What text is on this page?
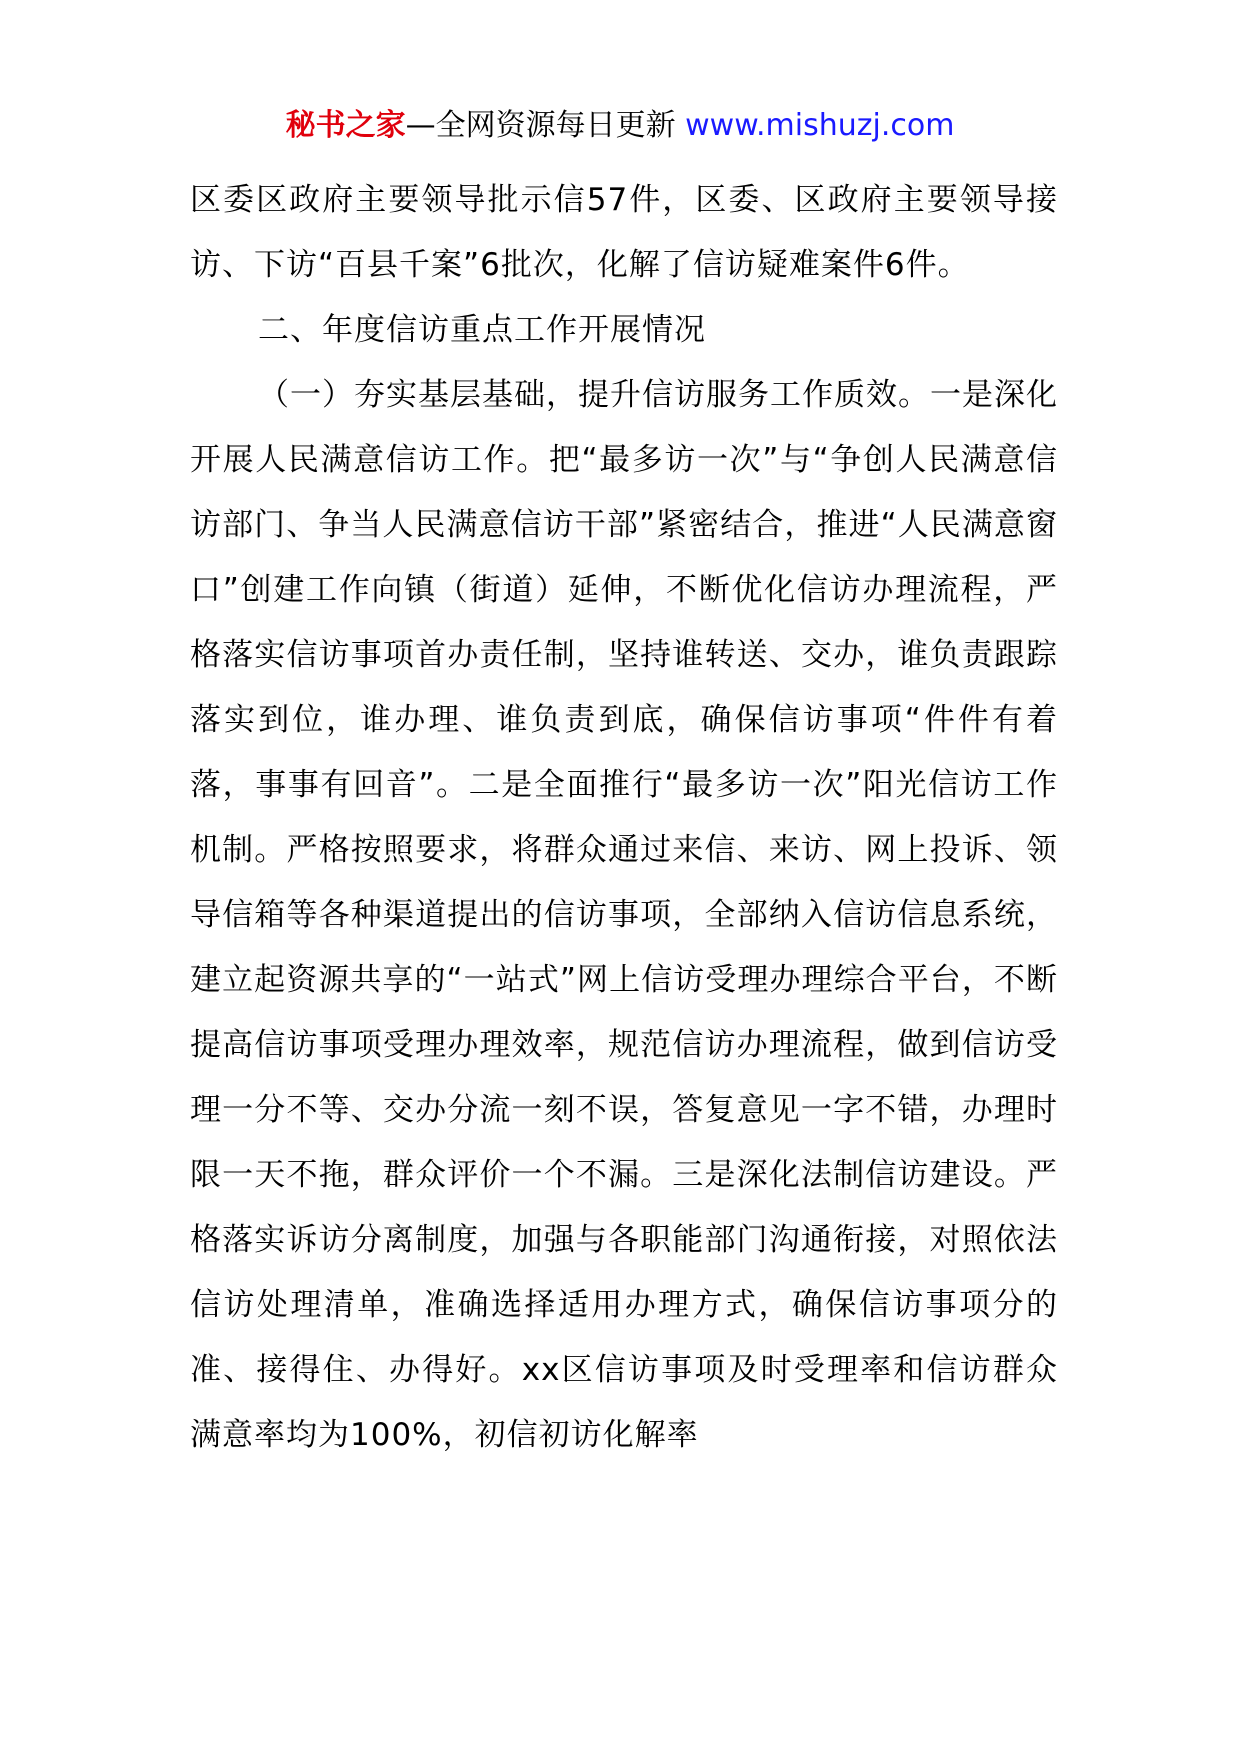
秘书之家—全网资源每日更新 www.mishuzj.com

区委区政府主要领导批示信57件，区委、区政府主要领导接访、下访“百县千案”6批次，化解了信访疑难案件6件。

二、年度信访重点工作开展情况

（一）夯实基层基础，提升信访服务工作质效。一是深化开展人民满意信访工作。把“最多访一次”与“争创人民满意信访部门、争当人民满意信访干部”紧密结合，推进“人民满意窗口”创建工作向镇（街道）延伸，不断优化信访办理流程，严格落实信访事项首办责任制，坚持谁转送、交办，谁负责跟踪落实到位，谁办理、谁负责到底，确保信访事项“件件有着落，事事有回音”。二是全面推行“最多访一次”阳光信访工作机制。严格按照要求，将群众通过来信、来访、网上投诉、领导信箱等各种渠道提出的信访事项，全部纳入信访信息系统，建立起资源共享的“一站式”网上信访受理办理综合平台，不断提高信访事项受理办理效率，规范信访办理流程，做到信访受理一分不等、交办分流一刻不误，答复意见一字不错，办理时限一天不拖，群众评价一个不漏。三是深化法制信访建设。严格落实诉访分离制度，加强与各职能部门沟通衔接，对照依法信访处理清单，准确选择适用办理方式，确保信访事项分的准、接得住、办得好。xx区信访事项及时受理率和信访群众满意率均为100%，初信初访化解率
